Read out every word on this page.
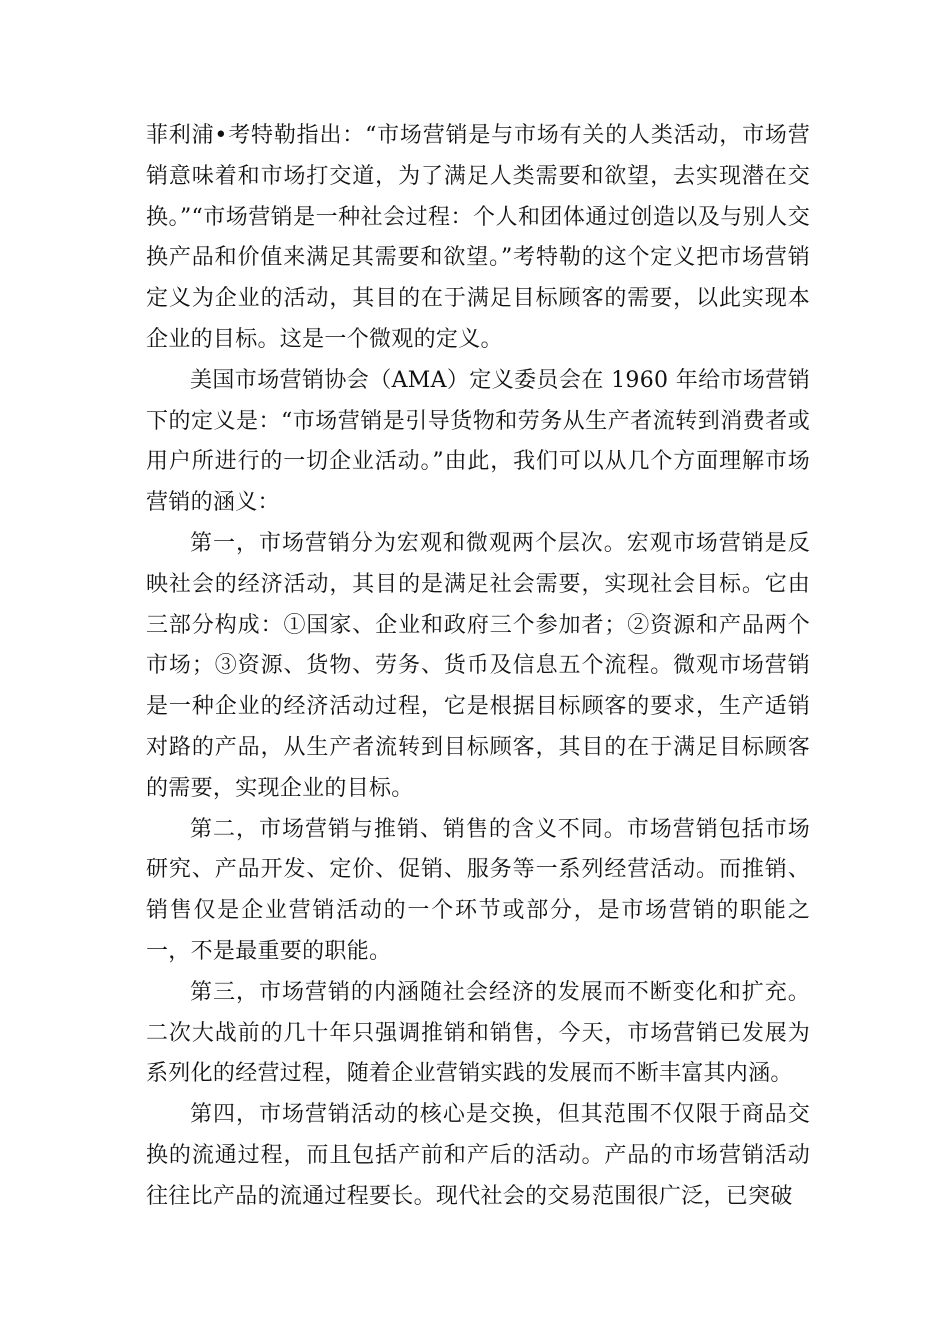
菲利浦•考特勒指出：“市场营销是与市场有关的人类活动，市场营销意味着和市场打交道，为了满足人类需要和欲望，去实现潜在交换。”“市场营销是一种社会过程：个人和团体通过创造以及与别人交换产品和价值来满足其需要和欲望。”考特勒的这个定义把市场营销定义为企业的活动，其目的在于满足目标顾客的需要，以此实现本企业的目标。这是一个微观的定义。

美国市场营销协会（AMA）定义委员会在 1960 年给市场营销下的定义是：“市场营销是引导货物和劳务从生产者流转到消费者或用户所进行的一切企业活动。”由此，我们可以从几个方面理解市场营销的涵义：

第一，市场营销分为宏观和微观两个层次。宏观市场营销是反映社会的经济活动，其目的是满足社会需要，实现社会目标。它由三部分构成：①国家、企业和政府三个参加者；②资源和产品两个市场；③资源、货物、劳务、货币及信息五个流程。微观市场营销是一种企业的经济活动过程，它是根据目标顾客的要求，生产适销对路的产品，从生产者流转到目标顾客，其目的在于满足目标顾客的需要，实现企业的目标。

第二，市场营销与推销、销售的含义不同。市场营销包括市场研究、产品开发、定价、促销、服务等一系列经营活动。而推销、销售仅是企业营销活动的一个环节或部分，是市场营销的职能之一，不是最重要的职能。

第三，市场营销的内涵随社会经济的发展而不断变化和扩充。二次大战前的几十年只强调推销和销售，今天，市场营销已发展为系列化的经营过程，随着企业营销实践的发展而不断丰富其内涵。

第四，市场营销活动的核心是交换，但其范围不仅限于商品交换的流通过程，而且包括产前和产后的活动。产品的市场营销活动往往比产品的流通过程要长。现代社会的交易范围很广泛，已突破
